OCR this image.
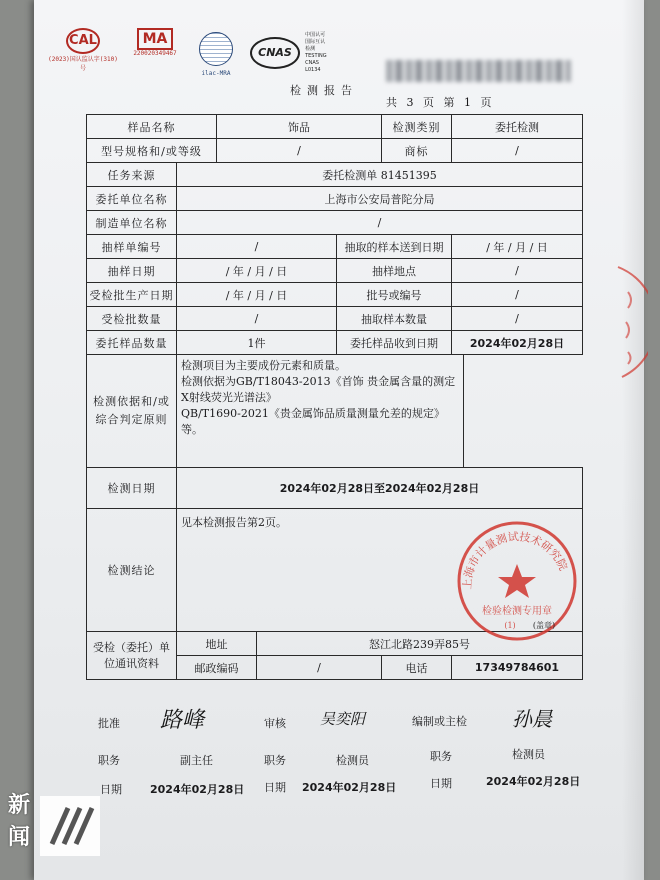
CAL
(2023)国认监认字(310)号
MA
220020349467
ilac-MRA
CNAS 中国认可
国际互认
检测
TESTING
CNAS L0134
检测报告
共 3 页 第 1 页
样品名称		饰品			检测类别	委托检测	
型号规格和/或等级		/			商标	/	
任务来源	委托检测单 81451395						
委托单位名称	上海市公安局普陀分局						
制造单位名称	/						
抽样单编号	/			抽取的样本送到日期		/ 年 / 月 / 日	
抽样日期	/ 年 / 月 / 日			抽样地点		/	
受检批生产日期	/ 年 / 月 / 日			批号或编号		/	
受检批数量	/			抽取样本数量		/	
委托样品数量	1件			委托样品收到日期		2024年02月28日	
检测依据和/或综合判定原则	检测项目为主要成份元素和质量。
检测依据为GB/T18043-2013《首饰 贵金属含量的测定 X射线荧光光谱法》
QB/T1690-2021《贵金属饰品质量测量允差的规定》等。						

检测日期	2024年02月28日至2024年02月28日						
检测结论	见本检测报告第2页。						
受检（委托）单位通讯资料	地址		怒江北路239弄85号				
	邮政编码		/		电话	17349784601	
上海市计量测试技术研究院
检验检测专用章
(1) (盖章)
批准 路峰	审核 吴奕阳	编制或主检 孙晨
职务	副主任	职务	检测员	职务	检测员
日期	2024年02月28日 日期 2024年02月28日	日期	2024年02月28日
新闻
